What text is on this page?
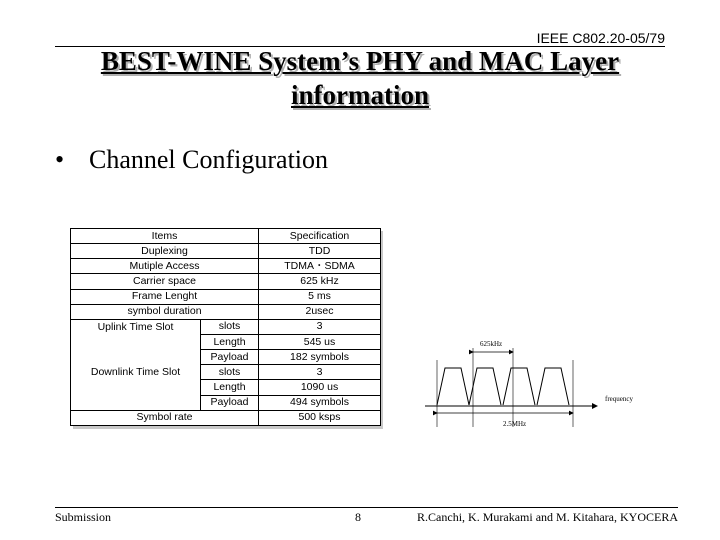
IEEE C802.20-05/79
BEST-WINE System’s PHY and MAC Layer
information
• Channel Configuration
Items		Specification
Duplexing		TDD
Mutiple Access		TDMA・SDMA
Carrier space		625 kHz
Frame Lenght		5 ms
symbol duration		2usec
Uplink Time Slot	slots	3
	Length	545 us
	Payload	182 symbols
Downlink Time Slot	slots	3
	Length	1090 us
	Payload	494 symbols
Symbol rate		500 ksps
625kHz
frequency
2.5MHz
Submission	8	R.Canchi, K. Murakami and M. Kitahara, KYOCERA
